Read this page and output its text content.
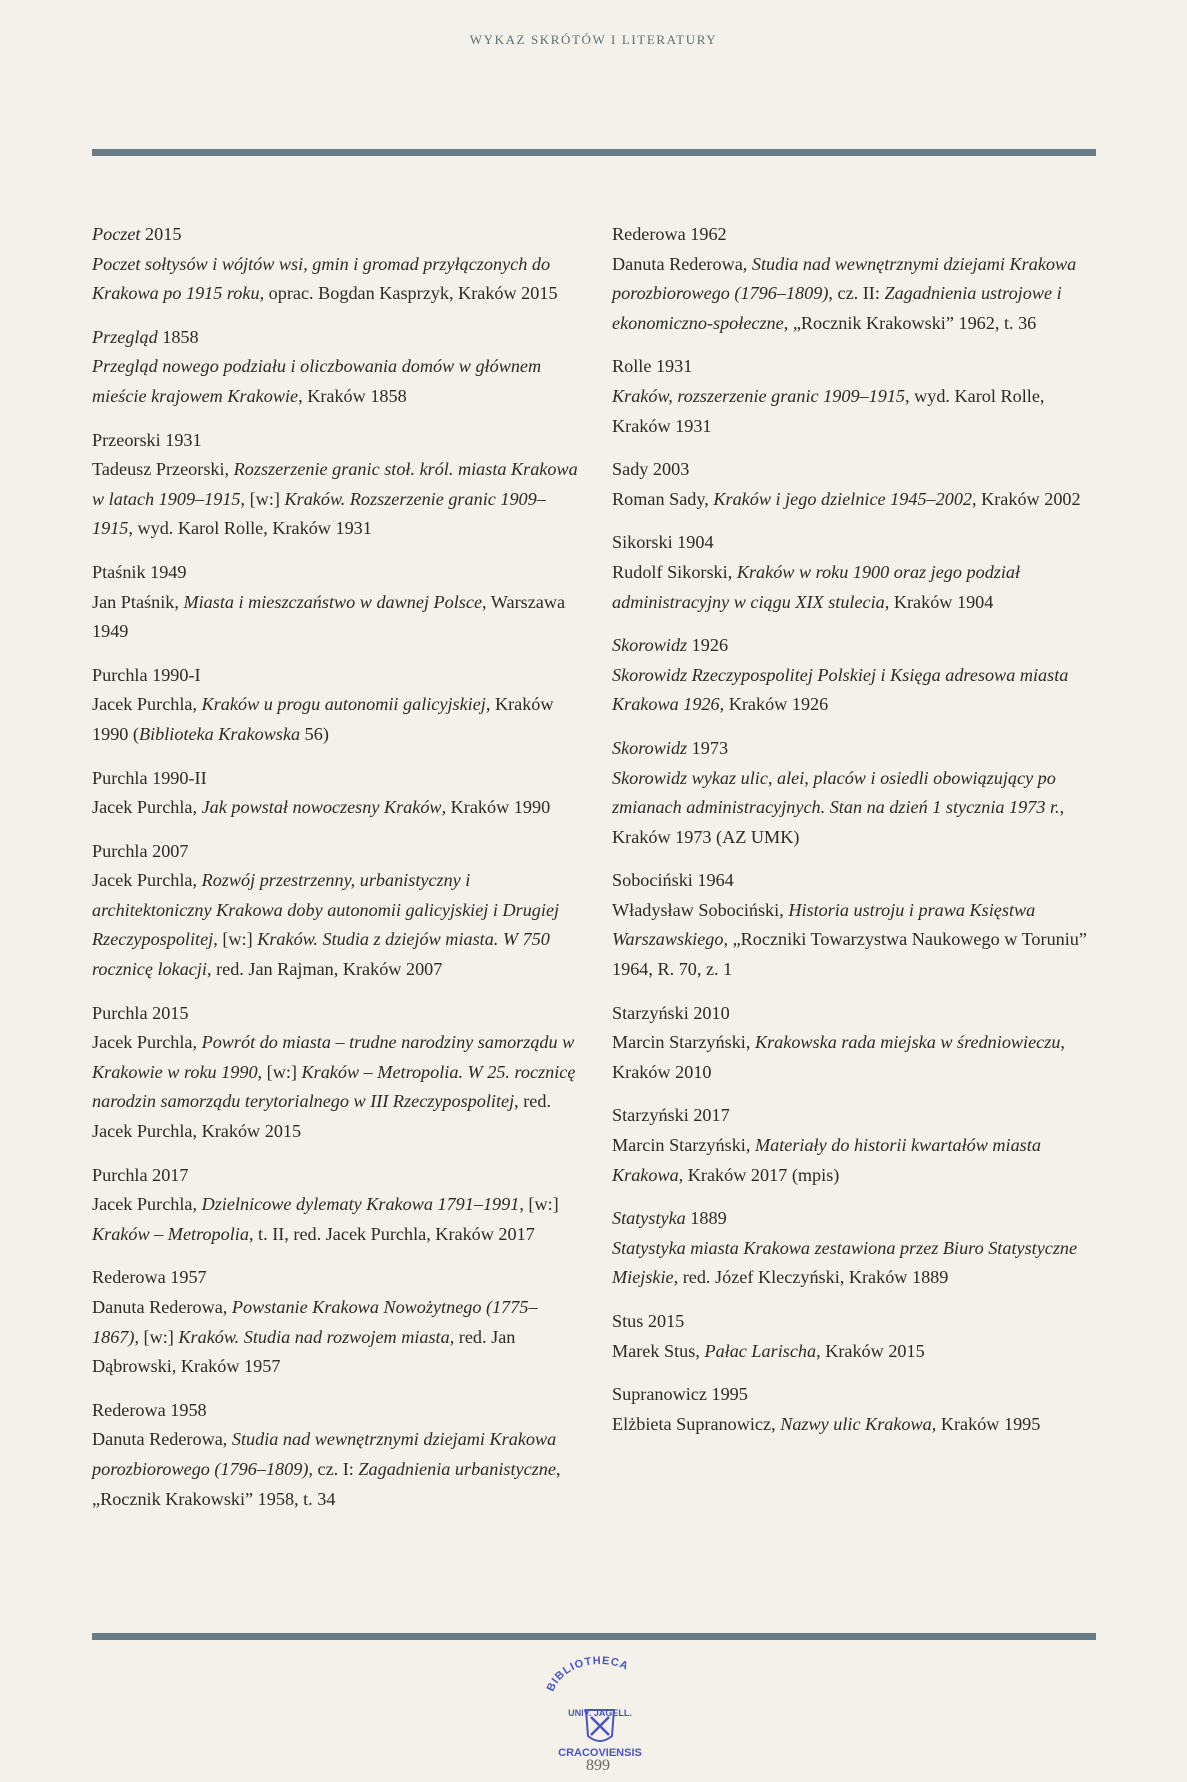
WYKAZ SKRÓTÓW I LITERATURY
Poczet 2015
Poczet sołtysów i wójtów wsi, gmin i gromad przyłączonych do Krakowa po 1915 roku, oprac. Bogdan Kasprzyk, Kraków 2015
Przegląd 1858
Przegląd nowego podziału i oliczbowania domów w głównem mieście krajowem Krakowie, Kraków 1858
Przeorski 1931
Tadeusz Przeorski, Rozszerzenie granic stoł. król. miasta Krakowa w latach 1909–1915, [w:] Kraków. Rozszerzenie granic 1909–1915, wyd. Karol Rolle, Kraków 1931
Ptaśnik 1949
Jan Ptaśnik, Miasta i mieszczaństwo w dawnej Polsce, Warszawa 1949
Purchla 1990-I
Jacek Purchla, Kraków u progu autonomii galicyjskiej, Kraków 1990 (Biblioteka Krakowska 56)
Purchla 1990-II
Jacek Purchla, Jak powstał nowoczesny Kraków, Kraków 1990
Purchla 2007
Jacek Purchla, Rozwój przestrzenny, urbanistyczny i architektoniczny Krakowa doby autonomii galicyjskiej i Drugiej Rzeczypospolitej, [w:] Kraków. Studia z dziejów miasta. W 750 rocznicę lokacji, red. Jan Rajman, Kraków 2007
Purchla 2015
Jacek Purchla, Powrót do miasta – trudne narodziny samorządu w Krakowie w roku 1990, [w:] Kraków – Metropolia. W 25. rocznicę narodzin samorządu terytorialnego w III Rzeczypospolitej, red. Jacek Purchla, Kraków 2015
Purchla 2017
Jacek Purchla, Dzielnicowe dylematy Krakowa 1791–1991, [w:] Kraków – Metropolia, t. II, red. Jacek Purchla, Kraków 2017
Rederowa 1957
Danuta Rederowa, Powstanie Krakowa Nowożytnego (1775–1867), [w:] Kraków. Studia nad rozwojem miasta, red. Jan Dąbrowski, Kraków 1957
Rederowa 1958
Danuta Rederowa, Studia nad wewnętrznymi dziejami Krakowa porozbiorowego (1796–1809), cz. I: Zagadnienia urbanistyczne, „Rocznik Krakowski” 1958, t. 34
Rederowa 1962
Danuta Rederowa, Studia nad wewnętrznymi dziejami Krakowa porozbiorowego (1796–1809), cz. II: Zagadnienia ustrojowe i ekonomiczno-społeczne, „Rocznik Krakowski” 1962, t. 36
Rolle 1931
Kraków, rozszerzenie granic 1909–1915, wyd. Karol Rolle, Kraków 1931
Sady 2003
Roman Sady, Kraków i jego dzielnice 1945–2002, Kraków 2002
Sikorski 1904
Rudolf Sikorski, Kraków w roku 1900 oraz jego podział administracyjny w ciągu XIX stulecia, Kraków 1904
Skorowidz 1926
Skorowidz Rzeczypospolitej Polskiej i Księga adresowa miasta Krakowa 1926, Kraków 1926
Skorowidz 1973
Skorowidz wykaz ulic, alei, placów i osiedli obowiązujący po zmianach administracyjnych. Stan na dzień 1 stycznia 1973 r., Kraków 1973 (AZ UMK)
Sobociński 1964
Władysław Sobociński, Historia ustroju i prawa Księstwa Warszawskiego, „Roczniki Towarzystwa Naukowego w Toruniu” 1964, R. 70, z. 1
Starzyński 2010
Marcin Starzyński, Krakowska rada miejska w średniowieczu, Kraków 2010
Starzyński 2017
Marcin Starzyński, Materiały do historii kwartałów miasta Krakowa, Kraków 2017 (mpis)
Statystyka 1889
Statystyka miasta Krakowa zestawiona przez Biuro Statystyczne Miejskie, red. Józef Kleczyński, Kraków 1889
Stus 2015
Marek Stus, Pałac Larischa, Kraków 2015
Supranowicz 1995
Elżbieta Supranowicz, Nazwy ulic Krakowa, Kraków 1995
BIBLIOTHECA
UNIV. JAGELL.
CRACOVIENSIS
899
